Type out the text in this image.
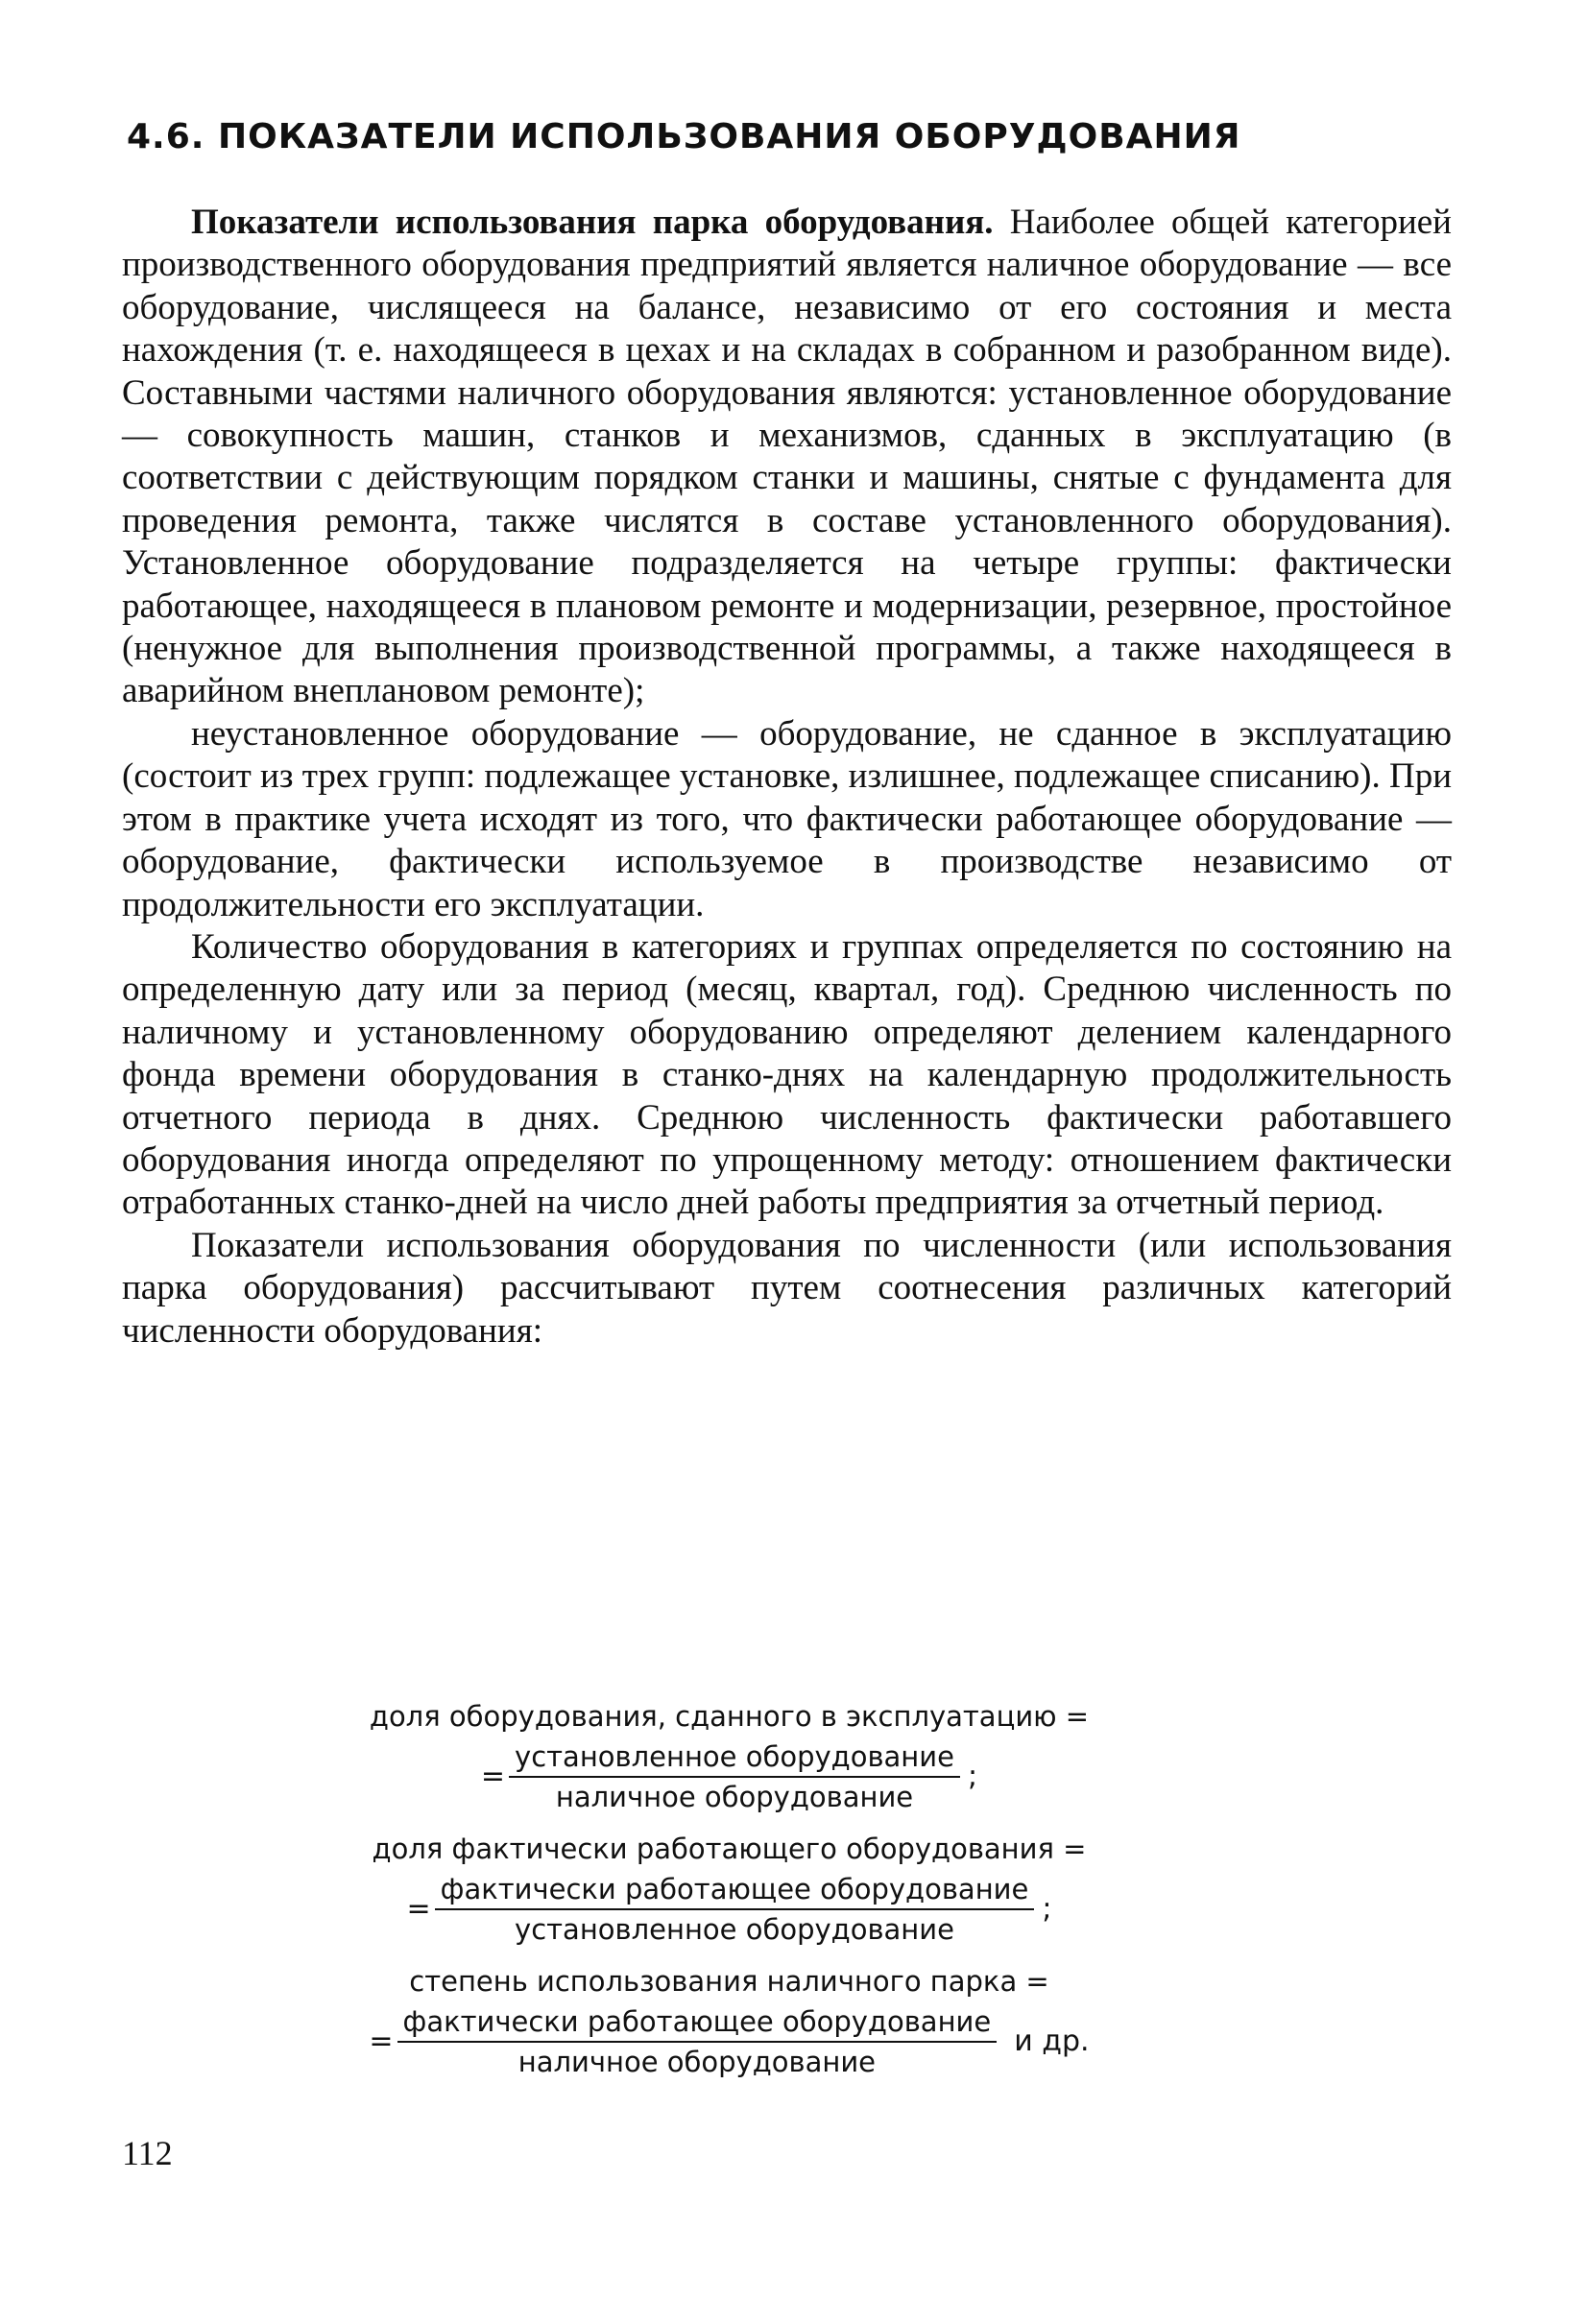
4.6. ПОКАЗАТЕЛИ ИСПОЛЬЗОВАНИЯ ОБОРУДОВАНИЯ

Показатели использования парка оборудования. Наиболее общей категорией производственного оборудования предприятий является наличное оборудование — все оборудование, числящееся на балансе, независимо от его состояния и места нахождения (т. е. находящееся в цехах и на складах в собранном и разобранном виде). Составными частями наличного оборудования являются: установленное оборудование — совокупность машин, станков и механизмов, сданных в эксплуатацию (в соответствии с действующим порядком станки и машины, снятые с фундамента для проведения ремонта, также числятся в составе установленного оборудования). Установленное оборудование подразделяется на четыре группы: фактически работающее, находящееся в плановом ремонте и модернизации, резервное, простойное (ненужное для выполнения производственной программы, а также находящееся в аварийном внеплановом ремонте);

неустановленное оборудование — оборудование, не сданное в эксплуатацию (состоит из трех групп: подлежащее установке, излишнее, подлежащее списанию). При этом в практике учета исходят из того, что фактически работающее оборудование — оборудование, фактически используемое в производстве независимо от продолжительности его эксплуатации.

Количество оборудования в категориях и группах определяется по состоянию на определенную дату или за период (месяц, квартал, год). Среднюю численность по наличному и установленному оборудованию определяют делением календарного фонда времени оборудования в станко-днях на календарную продолжительность отчетного периода в днях. Среднюю численность фактически работавшего оборудования иногда определяют по упрощенному методу: отношением фактически отработанных станко-дней на число дней работы предприятия за отчетный период.

Показатели использования оборудования по численности (или использования парка оборудования) рассчитывают путем соотнесения различных категорий численности оборудования:

доля оборудования, сданного в эксплуатацию =
= $\frac{\text{установленное оборудование}}{\text{наличное оборудование}}$ ;
доля фактически работающего оборудования =
= $\frac{\text{фактически работающее оборудование}}{\text{установленное оборудование}}$ ;
степень использования наличного парка =
= $\frac{\text{фактически работающее оборудование}}{\text{наличное оборудование}}$ и др.
112
